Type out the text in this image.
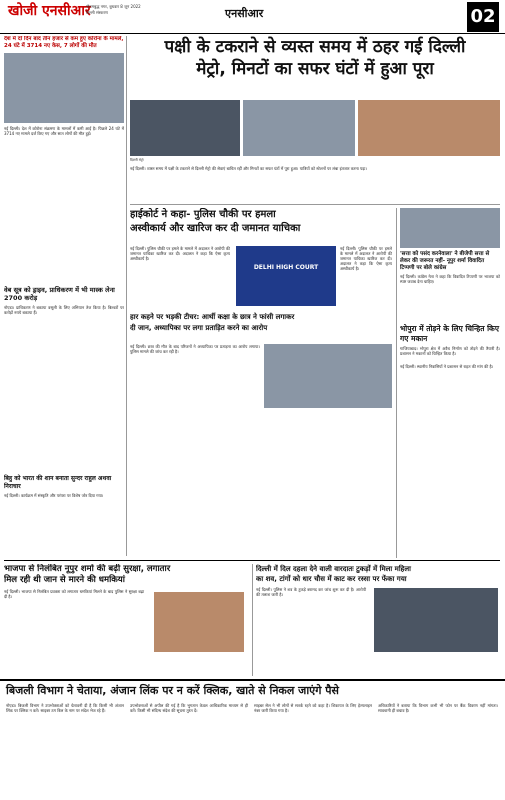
खोजी एनसीआर
गौतमबुद्ध नगर, बुधवार 8 जून 2022
दिल्ली संस्करण	एनसीआर	02
देश में दो दिन बाद तीन हजार से कम हुए कोरोना के मामले, 24 घंटे में 3714 नए केस, 7 लोगों की मौत
नई दिल्ली। देश में कोरोना संक्रमण के मामलों में कमी आई है। पिछले 24 घंटे में 3714 नए मामले दर्ज किए गए और सात लोगों की मौत हुई।
वेब सूत्र को ड्राइव, प्राधिकरण में भी मास्क लेना 2700 करोड़
नोएडा। प्राधिकरण ने बकाया वसूली के लिए अभियान तेज किया है। बिल्डरों पर करोड़ों रुपये बकाया हैं।
बिहु को भारत की शान बनाता सुन्दर राहुल अथवा निराचार
नई दिल्ली। कार्यक्रम में संस्कृति और परंपरा पर विशेष जोर दिया गया।
पक्षी के टकराने से व्यस्त समय में ठहर गई दिल्ली
मेट्रो, मिनटों का सफर घंटों में हुआ पूरा
दिल्ली मेट्रो
नई दिल्ली। व्यस्त समय में पक्षी के टकराने से दिल्ली मेट्रो की सेवाएं बाधित रहीं और मिनटों का सफर घंटों में पूरा हुआ। यात्रियों को स्टेशनों पर लंबा इंतजार करना पड़ा।
हाईकोर्ट ने कहा- पुलिस चौकी पर हमला
अस्वीकार्य और खारिज कर दी जमानत याचिका
नई दिल्ली। पुलिस चौकी पर हमले के मामले में अदालत ने आरोपी की जमानत याचिका खारिज कर दी। अदालत ने कहा कि ऐसा कृत्य अस्वीकार्य है।
DELHI HIGH COURT
नई दिल्ली। पुलिस चौकी पर हमले के मामले में अदालत ने आरोपी की जमानत याचिका खारिज कर दी। अदालत ने कहा कि ऐसा कृत्य अस्वीकार्य है।
हार कहने पर भड़की टीचर: आर्थी कक्षा के छात्र ने फांसी लगाकर
दी जान, अध्यापिका पर लगा प्रताड़ित करने का आरोप
नई दिल्ली। छात्र की मौत के बाद परिजनों ने अध्यापिका पर प्रताड़ना का आरोप लगाया। पुलिस मामले की जांच कर रही है।
'सत्ता को पसंद करनेवाला' ने बीजेपी सत्ता से लेकर की जरूरत नहीं- नूपुर शर्मा विवादित टिप्पणी पर बोले कांग्रेस
नई दिल्ली। कांग्रेस नेता ने कहा कि विवादित टिप्पणी पर भाजपा को स्पष्ट जवाब देना चाहिए।
भोपुरा में तोड़ने के लिए चिन्हित किए गए मकान
गाजियाबाद। भोपुरा क्षेत्र में अवैध निर्माण को तोड़ने की तैयारी है। प्रशासन ने मकानों को चिन्हित किया है।
नई दिल्ली। स्थानीय निवासियों ने प्रशासन से राहत की मांग की है।
भाजपा से निलंबित नूपुर शर्मा की बढ़ी सुरक्षा, लगातार
मिल रही थी जान से मारने की धमकियां
नई दिल्ली। भाजपा से निलंबित प्रवक्ता को लगातार धमकियां मिलने के बाद पुलिस ने सुरक्षा बढ़ा दी है।
दिल्ली में दिल दहला देने वाली वारदातः टुकड़ों में मिला महिला
का शव, टांगों को धार चौस में काट कर रस्सा पर फेंका गया
नई दिल्ली। पुलिस ने शव के टुकड़े बरामद कर जांच शुरू कर दी है। आरोपी की तलाश जारी है।
बिजली विभाग ने चेताया, अंजान लिंक पर न करें क्लिक, खाते से निकल जाएंगे पैसे
नोएडा। बिजली विभाग ने उपभोक्ताओं को चेतावनी दी है कि किसी भी अंजान लिंक पर क्लिक न करें। साइबर ठग बिल के नाम पर संदेश भेज रहे हैं।
उपभोक्ताओं से अपील की गई है कि भुगतान केवल आधिकारिक माध्यम से ही करें। किसी भी संदिग्ध संदेश की सूचना तुरंत दें।
साइबर सेल ने भी लोगों से सतर्क रहने को कहा है। शिकायत के लिए हेल्पलाइन नंबर जारी किया गया है।
अधिकारियों ने बताया कि विभाग कभी भी फोन पर बैंक विवरण नहीं मांगता। सावधानी ही बचाव है।
